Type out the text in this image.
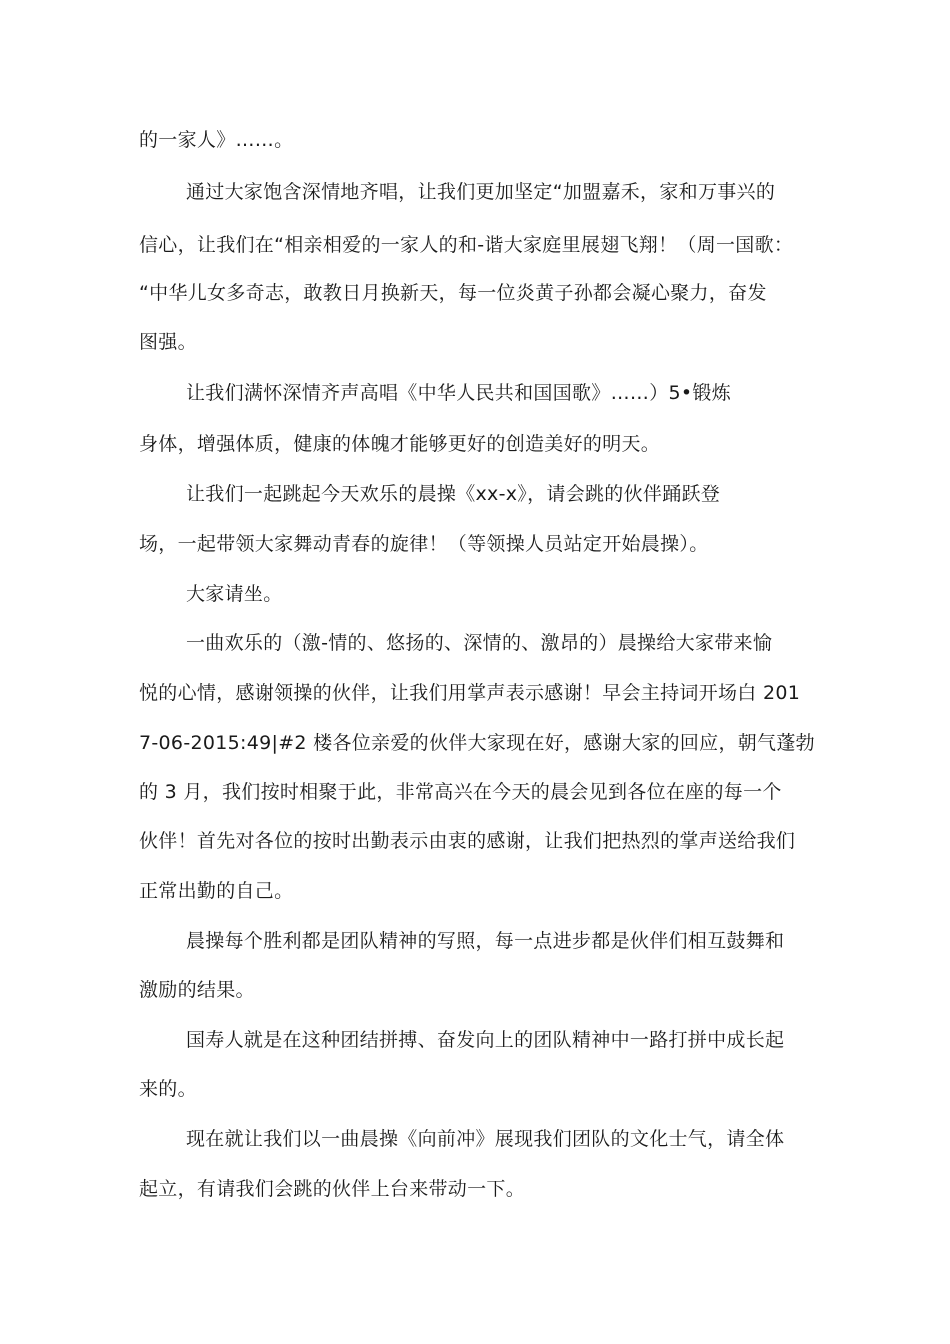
的一家人》……。
通过大家饱含深情地齐唱，让我们更加坚定“加盟嘉禾，家和万事兴的
信心，让我们在“相亲相爱的一家人的和-谐大家庭里展翅飞翔！（周一国歌：
“中华儿女多奇志，敢教日月换新天，每一位炎黄子孙都会凝心聚力，奋发
图强。
让我们满怀深情齐声高唱《中华人民共和国国歌》……）5•锻炼
身体，增强体质，健康的体魄才能够更好的创造美好的明天。
让我们一起跳起今天欢乐的晨操《xx-x》，请会跳的伙伴踊跃登
场，一起带领大家舞动青春的旋律！（等领操人员站定开始晨操）。
大家请坐。
一曲欢乐的（激-情的、悠扬的、深情的、激昂的）晨操给大家带来愉
悦的心情，感谢领操的伙伴，让我们用掌声表示感谢！早会主持词开场白 201
7-06-2015:49|#2 楼各位亲爱的伙伴大家现在好，感谢大家的回应，朝气蓬勃
的 3 月，我们按时相聚于此，非常高兴在今天的晨会见到各位在座的每一个
伙伴！首先对各位的按时出勤表示由衷的感谢，让我们把热烈的掌声送给我们
正常出勤的自己。
晨操每个胜利都是团队精神的写照，每一点进步都是伙伴们相互鼓舞和
激励的结果。
国寿人就是在这种团结拼搏、奋发向上的团队精神中一路打拼中成长起
来的。
现在就让我们以一曲晨操《向前冲》展现我们团队的文化士气，请全体
起立，有请我们会跳的伙伴上台来带动一下。
